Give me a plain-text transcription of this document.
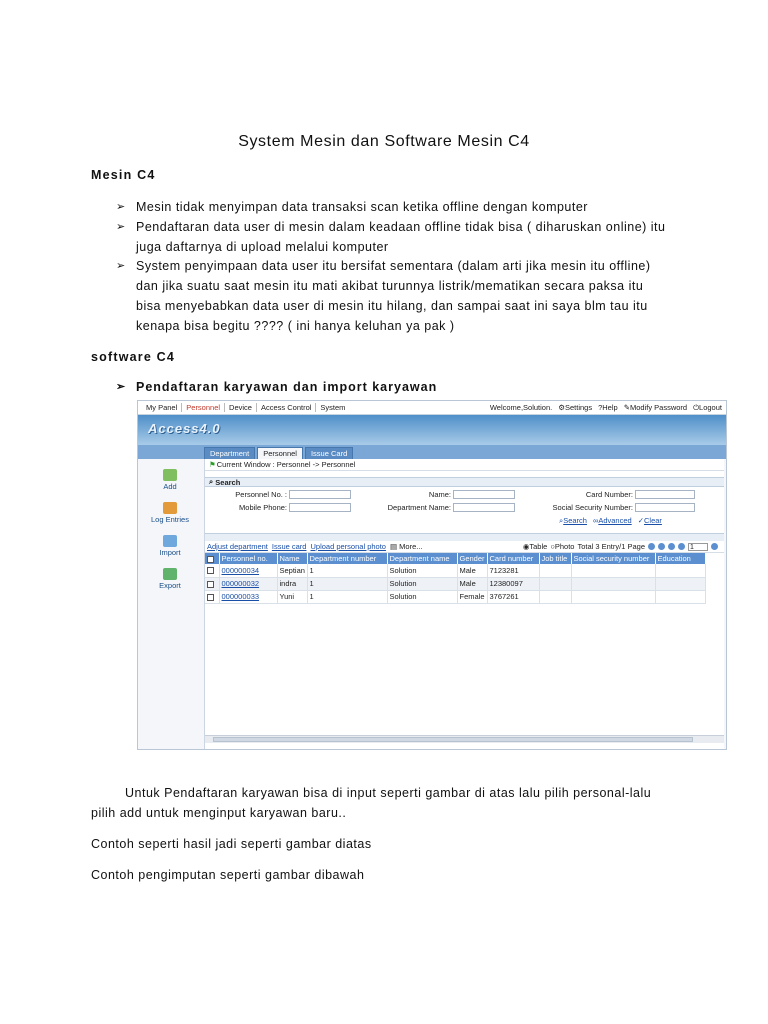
System Mesin dan Software Mesin C4
Mesin C4
➢ Mesin tidak menyimpan data transaksi scan ketika offline dengan komputer
➢ Pendaftaran data user di mesin dalam keadaan offline tidak bisa ( diharuskan online) itu
juga daftarnya di upload melalui komputer
➢ System penyimpaan data user itu bersifat sementara (dalam arti jika mesin itu offline)
dan jika suatu saat mesin itu mati akibat turunnya listrik/mematikan secara paksa itu
bisa menyebabkan data user di mesin itu hilang, dan sampai saat ini saya blm tau itu
kenapa bisa begitu ???? ( ini hanya keluhan ya pak )
software C4
➢ Pendaftaran karyawan dan import karyawan
My Panel	Personnel	Device	Access Control	System	Welcome,Solution. ⚙Settings ?Help ✎Modify Password ⏻Logout
Access4.0
Department	Personnel	Issue Card
Add
Log Entries
Import
Export
⚑ Current Window : Personnel -> Personnel
⌕
Search
Personnel No. :
Mobile Phone:
Name:
Department Name:
Card Number:
Social Security Number:
⌕Search ∞Advanced ✓Clear
Adjust department Issue card Upload personal photo ▤ More...	◉Table ○Photo Total 3 Entry/1 Page	1
	Personnel no.	Name	Department number	Department name	Gender	Card number	Job title	Social security number	Education
	000000034	Septian	1	Solution	Male	7123281			
	000000032	indra	1	Solution	Male	12380097			
	000000033	Yuni	1	Solution	Female	3767261			
Untuk Pendaftaran karyawan bisa di input seperti gambar di atas lalu pilih personal-lalu
pilih add untuk menginput karyawan baru..
Contoh seperti hasil jadi seperti gambar diatas
Contoh pengimputan seperti gambar dibawah
